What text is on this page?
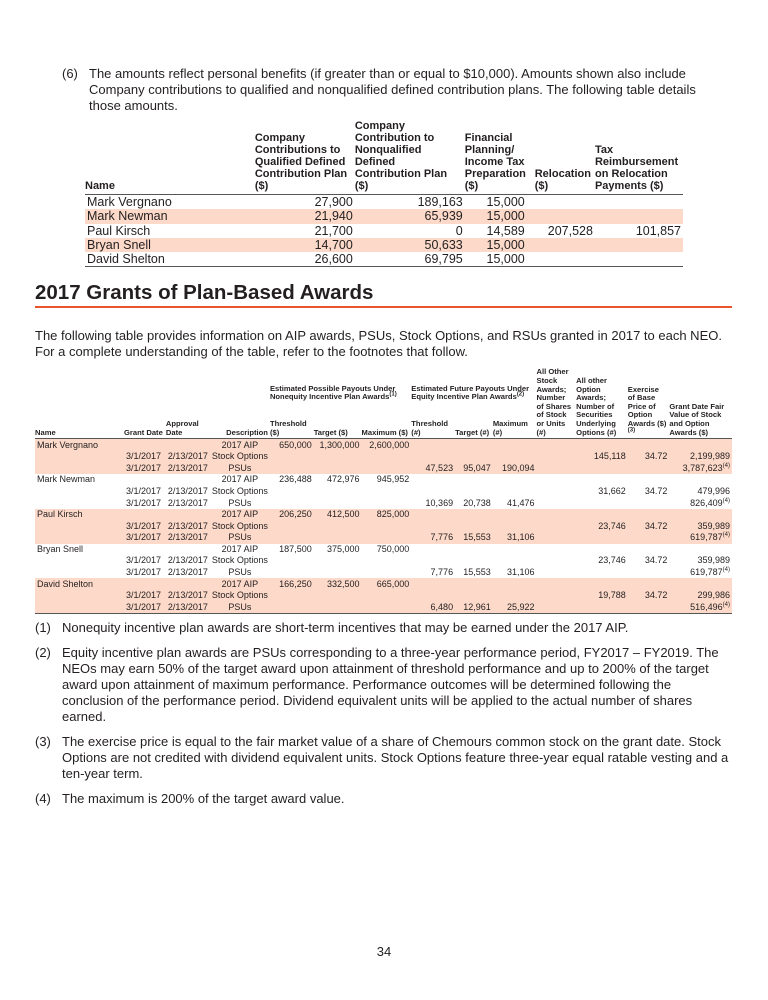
(6) The amounts reflect personal benefits (if greater than or equal to $10,000). Amounts shown also include Company contributions to qualified and nonqualified defined contribution plans. The following table details those amounts.
Name	Company Contributions to Qualified Defined Contribution Plan ($)	Company Contribution to Nonqualified Defined Contribution Plan ($)	Financial Planning/ Income Tax Preparation ($)	Relocation ($)	Tax Reimbursement on Relocation Payments ($)
Mark Vergnano	27,900	189,163	15,000		
Mark Newman	21,940	65,939	15,000		
Paul Kirsch	21,700	0	14,589	207,528	101,857
Bryan Snell	14,700	50,633	15,000		
David Shelton	26,600	69,795	15,000		
2017 Grants of Plan-Based Awards
The following table provides information on AIP awards, PSUs, Stock Options, and RSUs granted in 2017 to each NEO. For a complete understanding of the table, refer to the footnotes that follow.
Name	Grant Date	Approval Date	Description	Estimated Possible Payouts Under Nonequity Incentive Plan Awards$^{(1)}$			Estimated Future Payouts Under Equity Incentive Plan Awards$^{(2)}$			All Other Stock Awards; Number of Shares of Stock or Units (#)	All other Option Awards; Number of Securities Underlying Options (#)	Exercise of Base Price of Option Awards ($)$^{(3)}$	Grant Date Fair Value of Stock and Option Awards ($)
				Threshold ($)	Target ($)	Maximum ($)	Threshold (#)	Target (#)	Maximum (#)				
Mark Vergnano			2017 AIP	650,000	1,300,000	2,600,000							
	3/1/2017	2/13/2017	Stock Options								145,118	34.72	2,199,989
	3/1/2017	2/13/2017	PSUs				47,523	95,047	190,094				3,787,623$^{(4)}$
Mark Newman			2017 AIP	236,488	472,976	945,952							
	3/1/2017	2/13/2017	Stock Options								31,662	34.72	479,996
	3/1/2017	2/13/2017	PSUs				10,369	20,738	41,476				826,409$^{(4)}$
Paul Kirsch			2017 AIP	206,250	412,500	825,000							
	3/1/2017	2/13/2017	Stock Options								23,746	34.72	359,989
	3/1/2017	2/13/2017	PSUs				7,776	15,553	31,106				619,787$^{(4)}$
Bryan Snell			2017 AIP	187,500	375,000	750,000							
	3/1/2017	2/13/2017	Stock Options								23,746	34.72	359,989
	3/1/2017	2/13/2017	PSUs				7,776	15,553	31,106				619,787$^{(4)}$
David Shelton			2017 AIP	166,250	332,500	665,000							
	3/1/2017	2/13/2017	Stock Options								19,788	34.72	299,986
	3/1/2017	2/13/2017	PSUs				6,480	12,961	25,922				516,496$^{(4)}$
(1) Nonequity incentive plan awards are short-term incentives that may be earned under the 2017 AIP.
(2) Equity incentive plan awards are PSUs corresponding to a three-year performance period, FY2017 – FY2019. The NEOs may earn 50% of the target award upon attainment of threshold performance and up to 200% of the target award upon attainment of maximum performance. Performance outcomes will be determined following the conclusion of the performance period. Dividend equivalent units will be applied to the actual number of shares earned.
(3) The exercise price is equal to the fair market value of a share of Chemours common stock on the grant date. Stock Options are not credited with dividend equivalent units. Stock Options feature three-year equal ratable vesting and a ten-year term.
(4) The maximum is 200% of the target award value.
34
